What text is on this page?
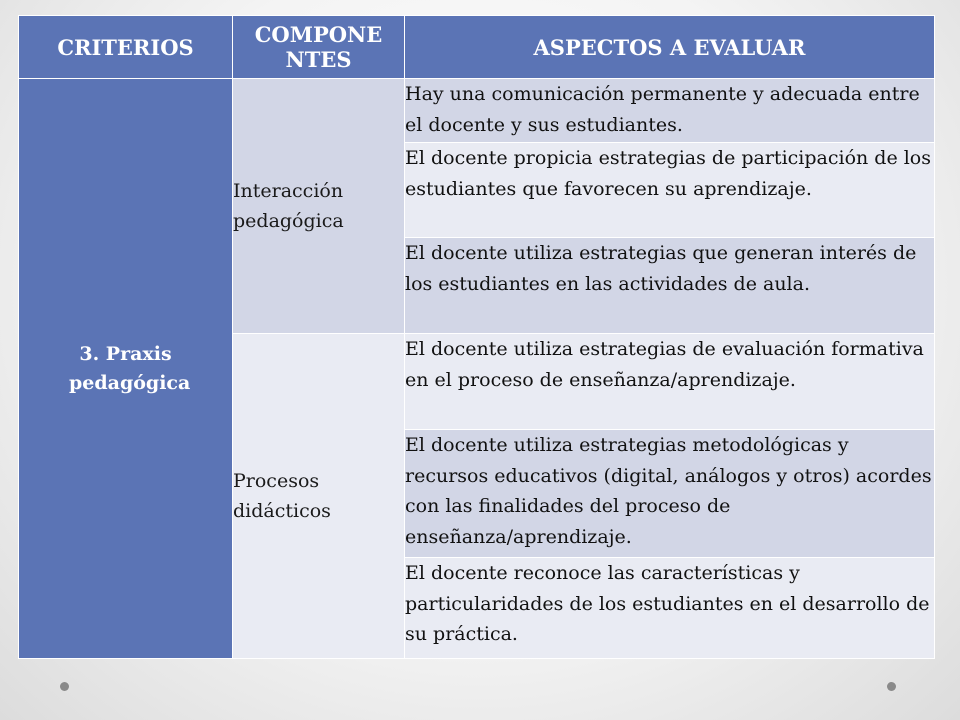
CRITERIOS	COMPONE NTES	ASPECTOS A EVALUAR

3. Praxis pedagógica	Interacción pedagógica	Hay una comunicación permanente y adecuada entre el docente y sus estudiantes.
		El docente propicia estrategias de participación de los estudiantes que favorecen su aprendizaje.
		El docente utiliza estrategias que generan interés de los estudiantes en las actividades de aula.
	Procesos didácticos	El docente utiliza estrategias de evaluación formativa en el proceso de enseñanza/aprendizaje.
		El docente utiliza estrategias metodológicas y recursos educativos (digital, análogos y otros) acordes con las finalidades del proceso de enseñanza/aprendizaje.
		El docente reconoce las características y particularidades de los estudiantes en el desarrollo de su práctica.
